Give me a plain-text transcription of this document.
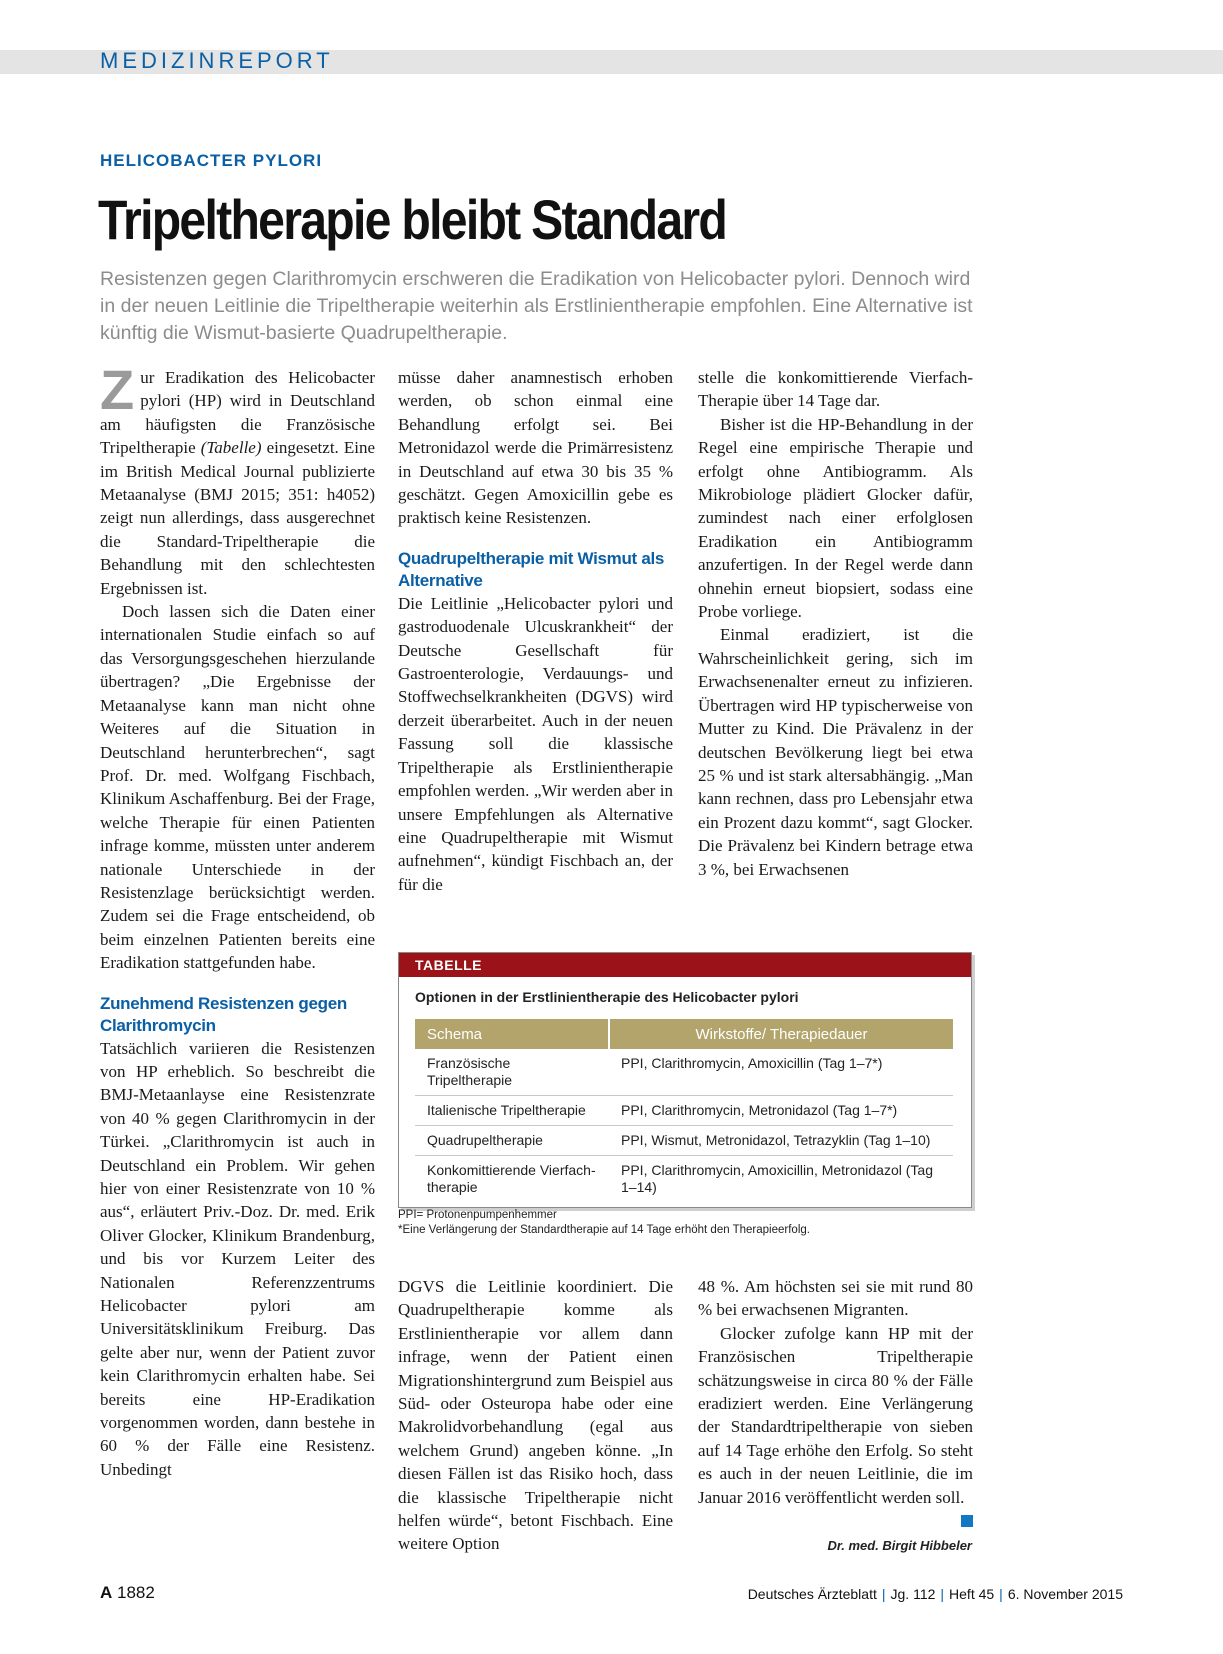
MEDIZINREPORT
HELICOBACTER PYLORI
Tripeltherapie bleibt Standard
Resistenzen gegen Clarithromycin erschweren die Eradikation von Helicobacter pylori. Dennoch wird in der neuen Leitlinie die Tripeltherapie weiterhin als Erstlinientherapie empfohlen. Eine Alternative ist künftig die Wismut-basierte Quadrupeltherapie.

Zur Eradikation des Helicobacter pylori (HP) wird in Deutschland am häufigsten die Französische Tripeltherapie (Tabelle) eingesetzt. Eine im British Medical Journal publizierte Metaanalyse (BMJ 2015; 351: h4052) zeigt nun allerdings, dass ausgerechnet die Standard-Tripeltherapie die Behandlung mit den schlechtesten Ergebnissen ist.

Doch lassen sich die Daten einer internationalen Studie einfach so auf das Versorgungsgeschehen hierzulande übertragen? „Die Ergebnisse der Metaanalyse kann man nicht ohne Weiteres auf die Situation in Deutschland herunterbrechen“, sagt Prof. Dr. med. Wolfgang Fischbach, Klinikum Aschaffenburg. Bei der Frage, welche Therapie für einen Patienten infrage komme, müssten unter anderem nationale Unterschiede in der Resistenzlage berücksichtigt werden. Zudem sei die Frage entscheidend, ob beim einzelnen Patienten bereits eine Eradikation stattgefunden habe.

Zunehmend Resistenzen gegen Clarithromycin

Tatsächlich variieren die Resistenzen von HP erheblich. So beschreibt die BMJ-Metaanlayse eine Resistenzrate von 40 % gegen Clarithromycin in der Türkei. „Clarithromycin ist auch in Deutschland ein Problem. Wir gehen hier von einer Resistenzrate von 10 % aus“, erläutert Priv.-Doz. Dr. med. Erik Oliver Glocker, Klinikum Brandenburg, und bis vor Kurzem Leiter des Nationalen Referenzzentrums Helicobacter pylori am Universitätsklinikum Freiburg. Das gelte aber nur, wenn der Patient zuvor kein Clarithromycin erhalten habe. Sei bereits eine HP-Eradikation vorgenommen worden, dann bestehe in 60 % der Fälle eine Resistenz. Unbedingt

müsse daher anamnestisch erhoben werden, ob schon einmal eine Behandlung erfolgt sei. Bei Metronidazol werde die Primärresistenz in Deutschland auf etwa 30 bis 35 % geschätzt. Gegen Amoxicillin gebe es praktisch keine Resistenzen.

Quadrupeltherapie mit Wismut als Alternative

Die Leitlinie „Helicobacter pylori und gastroduodenale Ulcuskrankheit“ der Deutsche Gesellschaft für Gastroenterologie, Verdauungs- und Stoffwechselkrankheiten (DGVS) wird derzeit überarbeitet. Auch in der neuen Fassung soll die klassische Tripeltherapie als Erstlinientherapie empfohlen werden. „Wir werden aber in unsere Empfehlungen als Alternative eine Quadrupeltherapie mit Wismut aufnehmen“, kündigt Fischbach an, der für die

stelle die konkomittierende Vierfach-Therapie über 14 Tage dar.

Bisher ist die HP-Behandlung in der Regel eine empirische Therapie und erfolgt ohne Antibiogramm. Als Mikrobiologe plädiert Glocker dafür, zumindest nach einer erfolglosen Eradikation ein Antibiogramm anzufertigen. In der Regel werde dann ohnehin erneut biopsiert, sodass eine Probe vorliege.

Einmal eradiziert, ist die Wahrscheinlichkeit gering, sich im Erwachsenenalter erneut zu infizieren. Übertragen wird HP typischerweise von Mutter zu Kind. Die Prävalenz in der deutschen Bevölkerung liegt bei etwa 25 % und ist stark altersabhängig. „Man kann rechnen, dass pro Lebensjahr etwa ein Prozent dazu kommt“, sagt Glocker. Die Prävalenz bei Kindern betrage etwa 3 %, bei Erwachsenen

TABELLE
Optionen in der Erstlinientherapie des Helicobacter pylori
Schema	Wirkstoffe/ Therapiedauer
Französische Tripeltherapie	PPI, Clarithromycin, Amoxicillin (Tag 1–7*)
Italienische Tripeltherapie	PPI, Clarithromycin, Metronidazol (Tag 1–7*)
Quadrupeltherapie	PPI, Wismut, Metronidazol, Tetrazyklin (Tag 1–10)
Konkomittierende Vierfach-therapie	PPI, Clarithromycin, Amoxicillin, Metronidazol (Tag 1–14)
PPI= Protonenpumpenhemmer
*Eine Verlängerung der Standardtherapie auf 14 Tage erhöht den Therapieerfolg.

DGVS die Leitlinie koordiniert. Die Quadrupeltherapie komme als Erstlinientherapie vor allem dann infrage, wenn der Patient einen Migrationshintergrund zum Beispiel aus Süd- oder Osteuropa habe oder eine Makrolidvorbehandlung (egal aus welchem Grund) angeben könne. „In diesen Fällen ist das Risiko hoch, dass die klassische Tripeltherapie nicht helfen würde“, betont Fischbach. Eine weitere Option

48 %. Am höchsten sei sie mit rund 80 % bei erwachsenen Migranten.

Glocker zufolge kann HP mit der Französischen Tripeltherapie schätzungsweise in circa 80 % der Fälle eradiziert werden. Eine Verlängerung der Standardtripeltherapie von sieben auf 14 Tage erhöhe den Erfolg. So steht es auch in der neuen Leitlinie, die im Januar 2016 veröffentlicht werden soll.

Dr. med. Birgit Hibbeler
A 1882	Deutsches Ärzteblatt | Jg. 112 | Heft 45 | 6. November 2015
